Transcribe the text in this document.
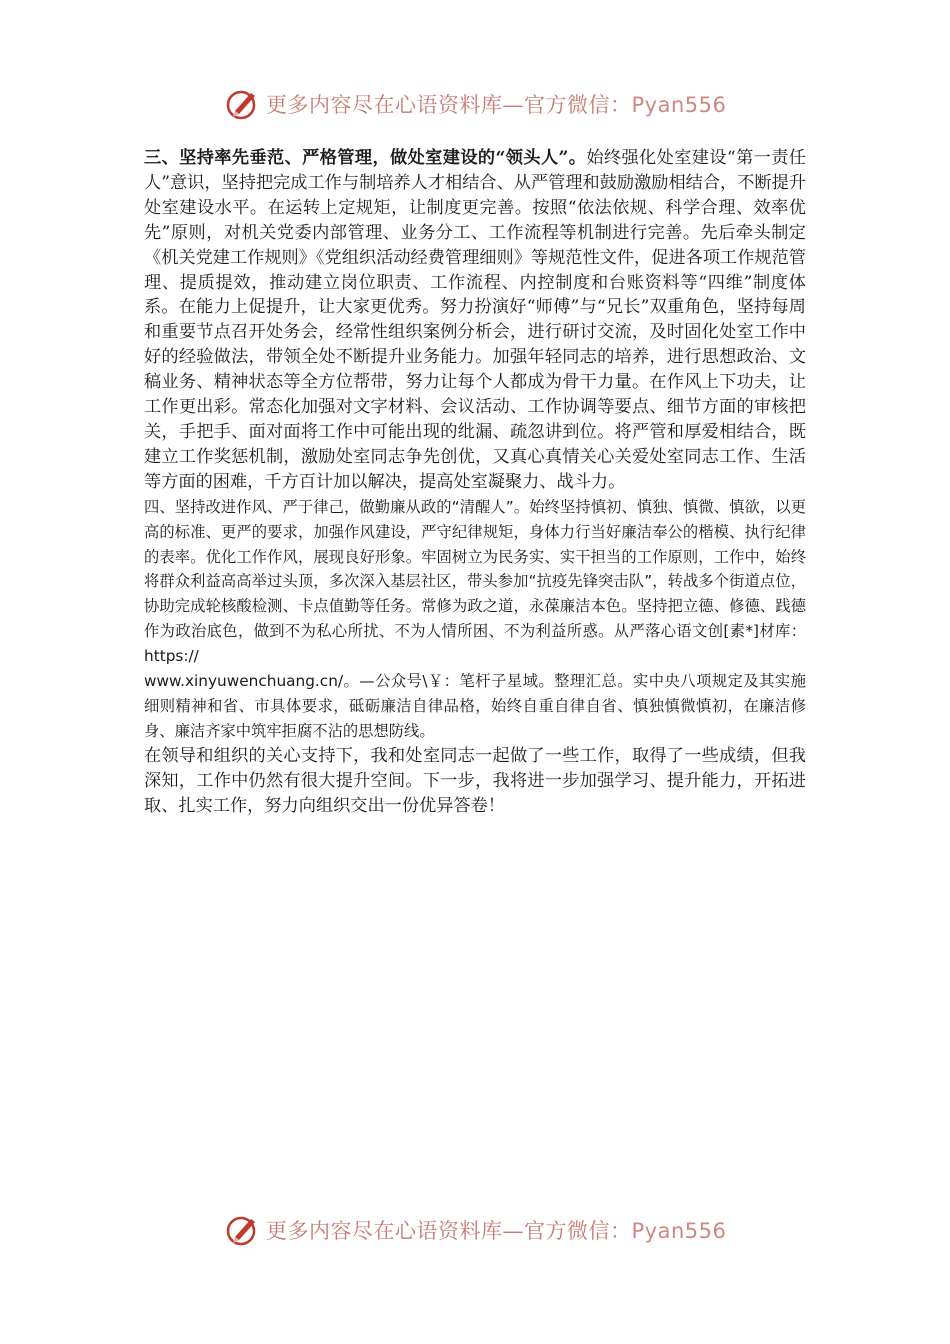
更多内容尽在心语资料库—官方微信：Pyan556

三、坚持率先垂范、严格管理，做处室建设的“领头人”。始终强化处室建设“第一责任人”意识，坚持把完成工作与制培养人才相结合、从严管理和鼓励激励相结合，不断提升处室建设水平。在运转上定规矩，让制度更完善。按照“依法依规、科学合理、效率优先”原则，对机关党委内部管理、业务分工、工作流程等机制进行完善。先后牵头制定《机关党建工作规则》《党组织活动经费管理细则》等规范性文件，促进各项工作规范管理、提质提效，推动建立岗位职责、工作流程、内控制度和台账资料等“四维”制度体系。在能力上促提升，让大家更优秀。努力扮演好“师傅”与“兄长”双重角色，坚持每周和重要节点召开处务会，经常性组织案例分析会，进行研讨交流，及时固化处室工作中好的经验做法，带领全处不断提升业务能力。加强年轻同志的培养，进行思想政治、文稿业务、精神状态等全方位帮带，努力让每个人都成为骨干力量。在作风上下功夫，让工作更出彩。常态化加强对文字材料、会议活动、工作协调等要点、细节方面的审核把关，手把手、面对面将工作中可能出现的纰漏、疏忽讲到位。将严管和厚爱相结合，既建立工作奖惩机制，激励处室同志争先创优，又真心真情关心关爱处室同志工作、生活等方面的困难，千方百计加以解决，提高处室凝聚力、战斗力。

四、坚持改进作风、严于律己，做勤廉从政的“清醒人”。始终坚持慎初、慎独、慎微、慎欲，以更高的标准、更严的要求，加强作风建设，严守纪律规矩，身体力行当好廉洁奉公的楷模、执行纪律的表率。优化工作作风，展现良好形象。牢固树立为民务实、实干担当的工作原则，工作中，始终将群众利益高高举过头顶，多次深入基层社区，带头参加“抗疫先锋突击队”，转战多个街道点位，协助完成轮核酸检测、卡点值勤等任务。常修为政之道，永葆廉洁本色。坚持把立德、修德、践德作为政治底色，做到不为私心所扰、不为人情所困、不为利益所惑。从严落心语文创[素*]材库：https://
www.xinyuwenchuang.cn/。—公众号\￥：笔杆子星域。整理汇总。实中央八项规定及其实施细则精神和省、市具体要求，砥砺廉洁自律品格，始终自重自律自省、慎独慎微慎初，在廉洁修身、廉洁齐家中筑牢拒腐不沾的思想防线。

在领导和组织的关心支持下，我和处室同志一起做了一些工作，取得了一些成绩，但我深知，工作中仍然有很大提升空间。下一步，我将进一步加强学习、提升能力，开拓进取、扎实工作，努力向组织交出一份优异答卷！

更多内容尽在心语资料库—官方微信：Pyan556
